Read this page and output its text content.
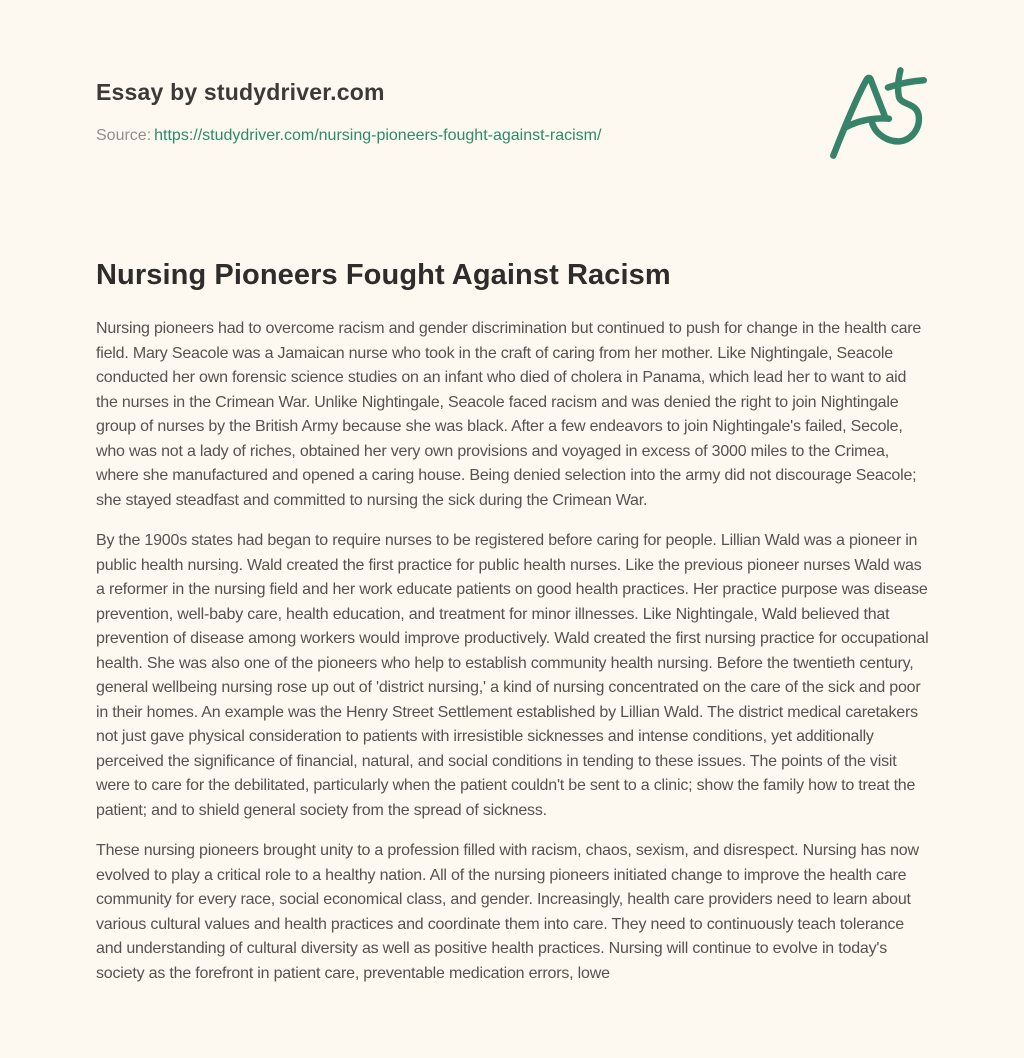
Essay by studydriver.com
Source: https://studydriver.com/nursing-pioneers-fought-against-racism/
Nursing Pioneers Fought Against Racism

Nursing pioneers had to overcome racism and gender discrimination but continued to push for change in the health care field. Mary Seacole was a Jamaican nurse who took in the craft of caring from her mother. Like Nightingale, Seacole conducted her own forensic science studies on an infant who died of cholera in Panama, which lead her to want to aid the nurses in the Crimean War. Unlike Nightingale, Seacole faced racism and was denied the right to join Nightingale group of nurses by the British Army because she was black. After a few endeavors to join Nightingale's failed, Secole, who was not a lady of riches, obtained her very own provisions and voyaged in excess of 3000 miles to the Crimea, where she manufactured and opened a caring house. Being denied selection into the army did not discourage Seacole; she stayed steadfast and committed to nursing the sick during the Crimean War.

By the 1900s states had began to require nurses to be registered before caring for people. Lillian Wald was a pioneer in public health nursing. Wald created the first practice for public health nurses. Like the previous pioneer nurses Wald was a reformer in the nursing field and her work educate patients on good health practices. Her practice purpose was disease prevention, well-baby care, health education, and treatment for minor illnesses. Like Nightingale, Wald believed that prevention of disease among workers would improve productively. Wald created the first nursing practice for occupational health. She was also one of the pioneers who help to establish community health nursing. Before the twentieth century, general wellbeing nursing rose up out of 'district nursing,' a kind of nursing concentrated on the care of the sick and poor in their homes. An example was the Henry Street Settlement established by Lillian Wald. The district medical caretakers not just gave physical consideration to patients with irresistible sicknesses and intense conditions, yet additionally perceived the significance of financial, natural, and social conditions in tending to these issues. The points of the visit were to care for the debilitated, particularly when the patient couldn't be sent to a clinic; show the family how to treat the patient; and to shield general society from the spread of sickness.

These nursing pioneers brought unity to a profession filled with racism, chaos, sexism, and disrespect. Nursing has now evolved to play a critical role to a healthy nation. All of the nursing pioneers initiated change to improve the health care community for every race, social economical class, and gender. Increasingly, health care providers need to learn about various cultural values and health practices and coordinate them into care. They need to continuously teach tolerance and understanding of cultural diversity as well as positive health practices. Nursing will continue to evolve in today's society as the forefront in patient care, preventable medication errors, lowe
